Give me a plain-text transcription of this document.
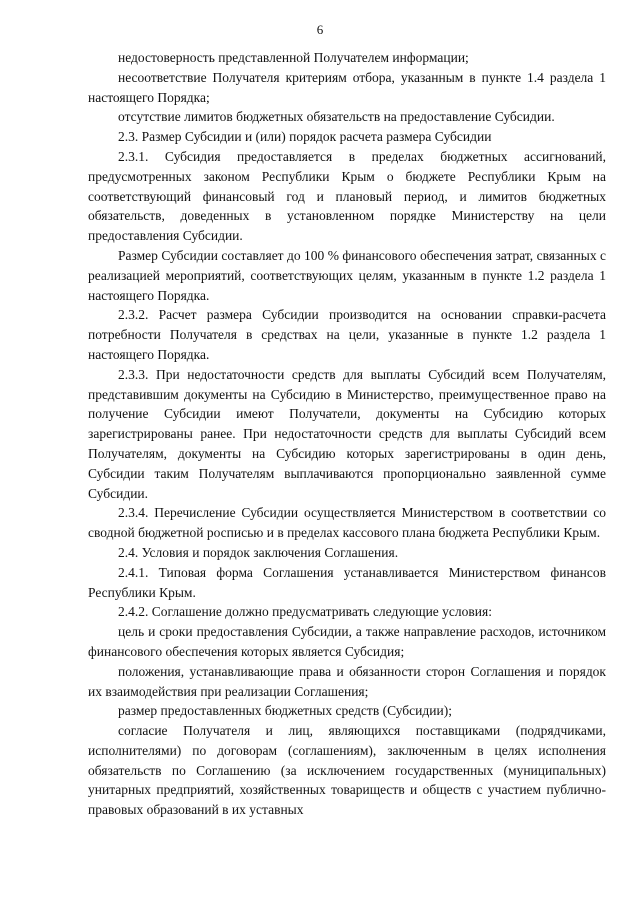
6

недостоверность представленной Получателем информации;

несоответствие Получателя критериям отбора, указанным в пункте 1.4 раздела 1 настоящего Порядка;

отсутствие лимитов бюджетных обязательств на предоставление Субсидии.

2.3. Размер Субсидии и (или) порядок расчета размера Субсидии

2.3.1. Субсидия предоставляется в пределах бюджетных ассигнований, предусмотренных законом Республики Крым о бюджете Республики Крым на соответствующий финансовый год и плановый период, и лимитов бюджетных обязательств, доведенных в установленном порядке Министерству на цели предоставления Субсидии.

Размер Субсидии составляет до 100 % финансового обеспечения затрат, связанных с реализацией мероприятий, соответствующих целям, указанным в пункте 1.2 раздела 1 настоящего Порядка.

2.3.2. Расчет размера Субсидии производится на основании справки-расчета потребности Получателя в средствах на цели, указанные в пункте 1.2 раздела 1 настоящего Порядка.

2.3.3. При недостаточности средств для выплаты Субсидий всем Получателям, представившим документы на Субсидию в Министерство, преимущественное право на получение Субсидии имеют Получатели, документы на Субсидию которых зарегистрированы ранее. При недостаточности средств для выплаты Субсидий всем Получателям, документы на Субсидию которых зарегистрированы в один день, Субсидии таким Получателям выплачиваются пропорционально заявленной сумме Субсидии.

2.3.4. Перечисление Субсидии осуществляется Министерством в соответствии со сводной бюджетной росписью и в пределах кассового плана бюджета Республики Крым.

2.4. Условия и порядок заключения Соглашения.

2.4.1. Типовая форма Соглашения устанавливается Министерством финансов Республики Крым.

2.4.2. Соглашение должно предусматривать следующие условия:

цель и сроки предоставления Субсидии, а также направление расходов, источником финансового обеспечения которых является Субсидия;

положения, устанавливающие права и обязанности сторон Соглашения и порядок их взаимодействия при реализации Соглашения;

размер предоставленных бюджетных средств (Субсидии);

согласие Получателя и лиц, являющихся поставщиками (подрядчиками, исполнителями) по договорам (соглашениям), заключенным в целях исполнения обязательств по Соглашению (за исключением государственных (муниципальных) унитарных предприятий, хозяйственных товариществ и обществ с участием публично-правовых образований в их уставных
